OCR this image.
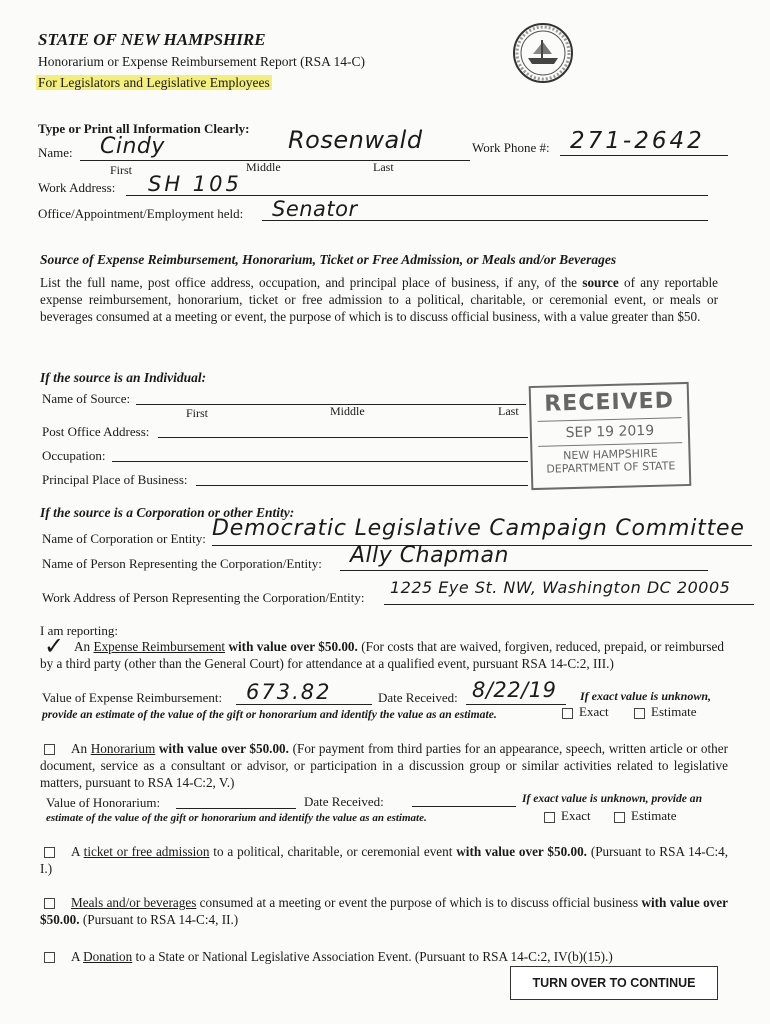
STATE OF NEW HAMPSHIRE
Honorarium or Expense Reimbursement Report (RSA 14-C)
For Legislators and Legislative Employees
Type or Print all Information Clearly:
Name: Cindy	Rosenwald
First	Middle	Last
Work Phone #: 271-2642
Work Address: SH 105
Office/Appointment/Employment held: Senator
Source of Expense Reimbursement, Honorarium, Ticket or Free Admission, or Meals and/or Beverages
List the full name, post office address, occupation, and principal place of business, if any, of the source of any reportable expense reimbursement, honorarium, ticket or free admission to a political, charitable, or ceremonial event, or meals or beverages consumed at a meeting or event, the purpose of which is to discuss official business, with a value greater than $50.
If the source is an Individual:
Name of Source:
First	Middle	Last
Post Office Address:
Occupation:
Principal Place of Business:
RECEIVED
SEP 19 2019
NEW HAMPSHIRE
DEPARTMENT OF STATE
If the source is a Corporation or other Entity:
Name of Corporation or Entity: Democratic Legislative Campaign Committee
Name of Person Representing the Corporation/Entity: Ally Chapman
Work Address of Person Representing the Corporation/Entity:
1225 Eye St. NW, Washington DC 20005
I am reporting:
✓ An Expense Reimbursement with value over $50.00. (For costs that are waived, forgiven, reduced, prepaid, or reimbursed by a third party (other than the General Court) for attendance at a qualified event, pursuant RSA 14-C:2, III.)
Value of Expense Reimbursement: 673.82	Date Received: 8/22/19 If exact value is unknown,
provide an estimate of the value of the gift or honorarium and identify the value as an estimate.	Exact	Estimate
An Honorarium with value over $50.00. (For payment from third parties for an appearance, speech, written article or other document, service as a consultant or advisor, or participation in a discussion group or similar activities related to legislative matters, pursuant to RSA 14-C:2, V.)
Value of Honorarium:	Date Received:	If exact value is unknown, provide an
estimate of the value of the gift or honorarium and identify the value as an estimate.	Exact	Estimate
A ticket or free admission to a political, charitable, or ceremonial event with value over $50.00. (Pursuant to RSA 14-C:4, I.)
Meals and/or beverages consumed at a meeting or event the purpose of which is to discuss official business with value over $50.00. (Pursuant to RSA 14-C:4, II.)
A Donation to a State or National Legislative Association Event. (Pursuant to RSA 14-C:2, IV(b)(15).)
TURN OVER TO CONTINUE
